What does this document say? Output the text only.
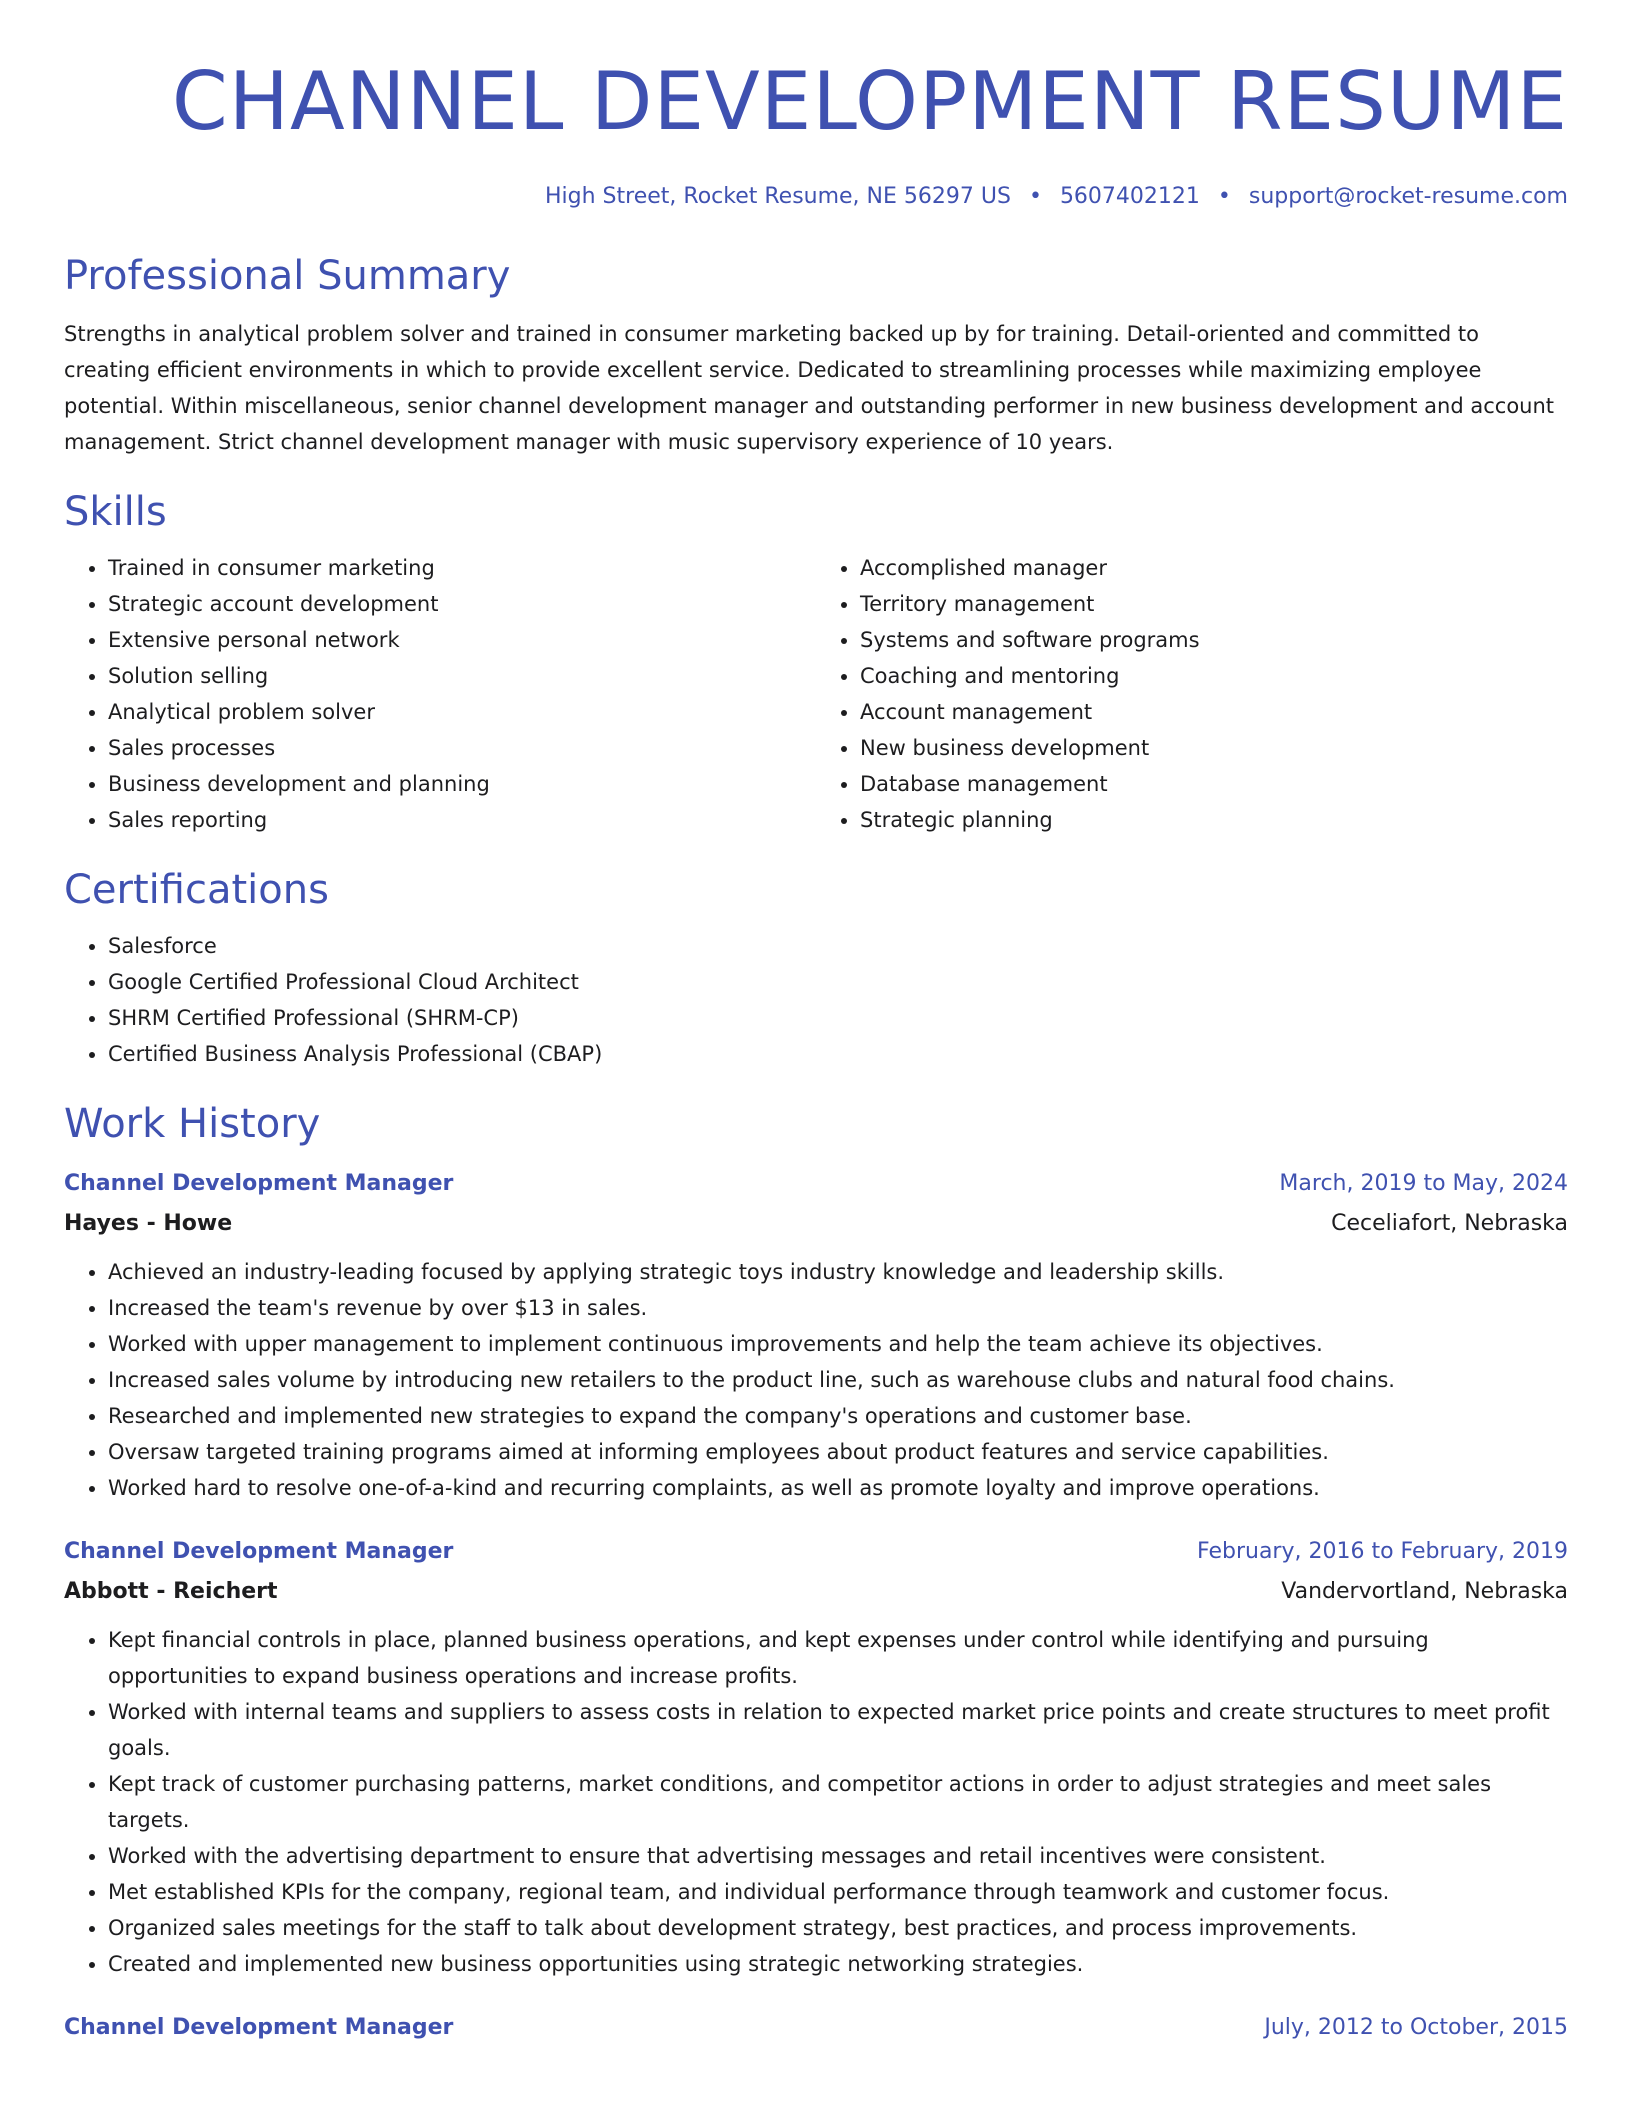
CHANNEL DEVELOPMENT RESUME
High Street, Rocket Resume, NE 56297 US • 5607402121 • support@rocket-resume.com
Professional Summary

Strengths in analytical problem solver and trained in consumer marketing backed up by for training. Detail-oriented and committed to creating efficient environments in which to provide excellent service. Dedicated to streamlining processes while maximizing employee potential. Within miscellaneous, senior channel development manager and outstanding performer in new business development and account management. Strict channel development manager with music supervisory experience of 10 years.

Skills
• Trained in consumer marketing
• Strategic account development
• Extensive personal network
• Solution selling
• Analytical problem solver
• Sales processes
• Business development and planning
• Sales reporting
• Accomplished manager
• Territory management
• Systems and software programs
• Coaching and mentoring
• Account management
• New business development
• Database management
• Strategic planning
Certifications
• Salesforce
• Google Certified Professional Cloud Architect
• SHRM Certified Professional (SHRM-CP)
• Certified Business Analysis Professional (CBAP)
Work History
Channel Development Manager	March, 2019 to May, 2024
Hayes - Howe	Ceceliafort, Nebraska
• Achieved an industry-leading focused by applying strategic toys industry knowledge and leadership skills.
• Increased the team's revenue by over $13 in sales.
• Worked with upper management to implement continuous improvements and help the team achieve its objectives.
• Increased sales volume by introducing new retailers to the product line, such as warehouse clubs and natural food chains.
• Researched and implemented new strategies to expand the company's operations and customer base.
• Oversaw targeted training programs aimed at informing employees about product features and service capabilities.
• Worked hard to resolve one-of-a-kind and recurring complaints, as well as promote loyalty and improve operations.
Channel Development Manager	February, 2016 to February, 2019
Abbott - Reichert	Vandervortland, Nebraska
• Kept financial controls in place, planned business operations, and kept expenses under control while identifying and pursuing opportunities to expand business operations and increase profits.
• Worked with internal teams and suppliers to assess costs in relation to expected market price points and create structures to meet profit goals.
• Kept track of customer purchasing patterns, market conditions, and competitor actions in order to adjust strategies and meet sales targets.
• Worked with the advertising department to ensure that advertising messages and retail incentives were consistent.
• Met established KPIs for the company, regional team, and individual performance through teamwork and customer focus.
• Organized sales meetings for the staff to talk about development strategy, best practices, and process improvements.
• Created and implemented new business opportunities using strategic networking strategies.
Channel Development Manager	July, 2012 to October, 2015
